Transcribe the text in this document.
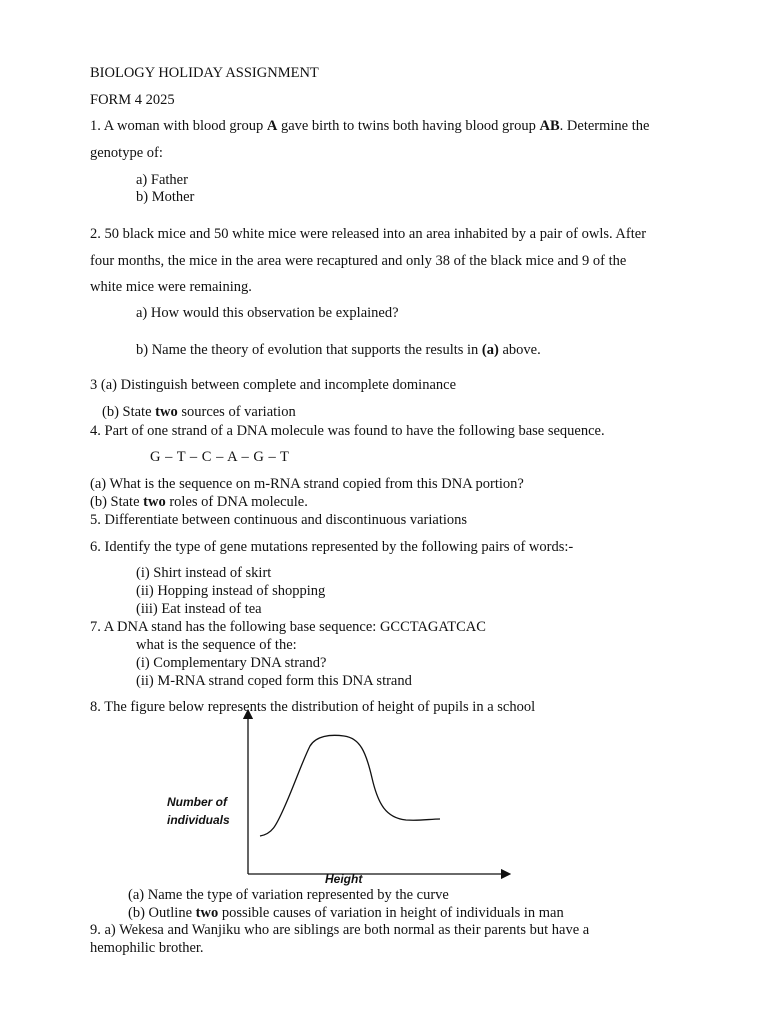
BIOLOGY HOLIDAY ASSIGNMENT
FORM 4 2025
1. A woman with blood group A gave birth to twins both having blood group AB. Determine the
genotype of:
a) Father
b) Mother
2. 50 black mice and 50 white mice were released into an area inhabited by a pair of owls. After
four months, the mice in the area were recaptured and only 38 of the black mice and 9 of the
white mice were remaining.
a) How would this observation be explained?
b) Name the theory of evolution that supports the results in (a) above.
3 (a) Distinguish between complete and incomplete dominance
(b) State two sources of variation
4. Part of one strand of a DNA molecule was found to have the following base sequence.
G – T – C – A – G – T
(a) What is the sequence on m-RNA strand copied from this DNA portion?
(b) State two roles of DNA molecule.
5. Differentiate between continuous and discontinuous variations
6. Identify the type of gene mutations represented by the following pairs of words:-
(i) Shirt instead of skirt
(ii) Hopping instead of shopping
(iii) Eat instead of tea
7. A DNA stand has the following base sequence: GCCTAGATCAC
what is the sequence of the:
(i) Complementary DNA strand?
(ii) M-RNA strand coped form this DNA strand
8. The figure below represents the distribution of height of pupils in a school
Number of
individuals
Height
(a) Name the type of variation represented by the curve
(b) Outline two possible causes of variation in height of individuals in man
9. a) Wekesa and Wanjiku who are siblings are both normal as their parents but have a
hemophilic brother.
